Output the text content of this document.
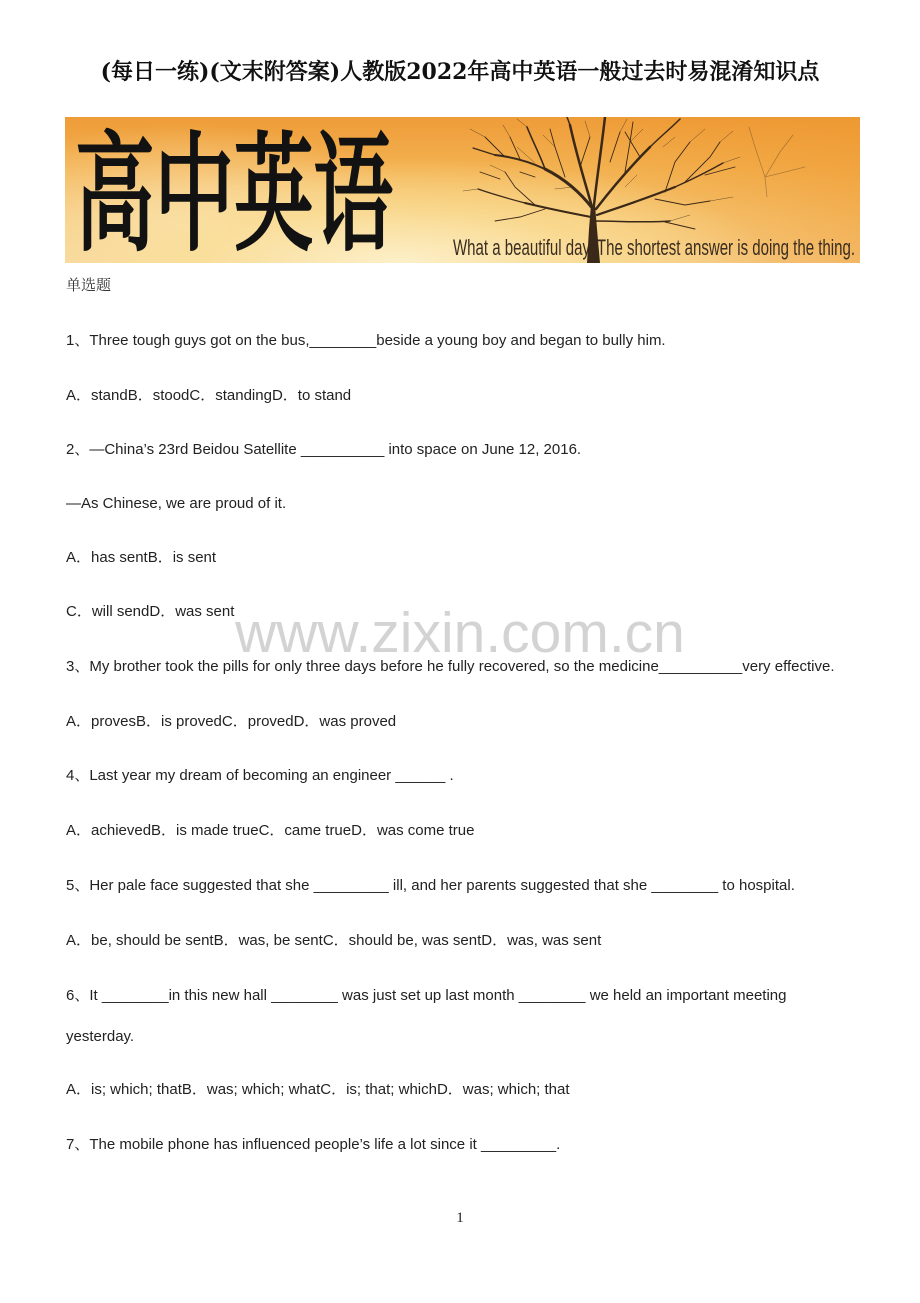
(每日一练)(文末附答案)人教版2022年高中英语一般过去时易混淆知识点
高中英语	What a beautiful day. The shortest answer is doing the thing.
单选题
1、Three tough guys got on the bus,________beside a young boy and began to bully him.
A．standB．stoodC．standingD．to stand
2、—China’s 23rd Beidou Satellite __________ into space on June 12, 2016.
—As Chinese, we are proud of it.
A．has sentB．is sent
C．will sendD．was sent
3、My brother took the pills for only three days before he fully recovered, so the medicine__________very effective.
A．provesB．is provedC．provedD．was proved
4、Last year my dream of becoming an engineer ______ .
A．achievedB．is made trueC．came trueD．was come true
5、Her pale face suggested that she _________ ill, and her parents suggested that she ________ to hospital.
A．be, should be sentB．was, be sentC．should be, was sentD．was, was sent
6、It ________in this new hall ________ was just set up last month ________ we held an important meeting
yesterday.
A．is; which; thatB．was; which; whatC．is; that; whichD．was; which; that
7、The mobile phone has influenced people’s life a lot since it _________.
www.zixin.com.cn
1
